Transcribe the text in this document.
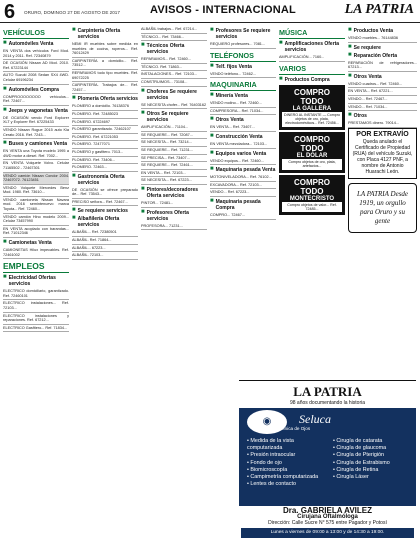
6 ORURO, DOMINGO 27 DE AGOSTO DE 2017	AVISOS - INTERNACIONAL	LA PATRIA
VEHÍCULOS
■ Automóviles Venta
EN VENTA dos vehículos Ford Mod. 2014 y 2011. Ref. 72340879
DE OCASIÓN Nissan AD Mod. 2010. Ref. 67223144
AUTO Suzuki 2008 Sedan SX4 4WD. Celular 69196234
■ Automóviles Compra
COMPROOOOOOOO vehículos... Ref. 72467...
■ Jeeps y vagonetas Venta
DE OCASIÓN vendo Ford Explorer XLT y Explorer Ref. 67225433
VENDO Nissan Rogue 2015 auto Kia Cerato 2016. Ref. 7243...
■ Buses y camiones Venta
EN VENTA una Toyota modelo 1995 a 4WD motor a diesel. Ref. 7002...
EN VENTA Volquete Volvo. Celular 71165502 - 72467301
VENDO camión Nissan Condor 2004. 72467072. 76123451
VENDO Volquete Mercedes Benz Mod. 1980. Ref. 73610...
VENDO camioneta Nissan Navara mod. 2016 semintenuevo marca Toyota... Ref. 72460...
VENDO camión Hino modelo 2009... Celular 73457990
EN VENTA acoplado con barandas... Ref. 71012346
■ Camionetas Venta
CAMIONETAS Hilux impecables. Ref. 72461002
EMPLEOS
■ Electricidad Ofertas servicios
ELECTRICO domiciliario, garantizado. Ref. 72460101
ELECTRICO instalaciones... Ref. 72103...
ELECTRICO instalaciones y reparaciones. Ref. 67212...
ELECTRICO Gasfitero... Ref. 71834...
■ Carpintería Oferta servicios
NEMI IR muebles sobre medida en muebles de cocina, roperos... Ref. 76012429
CARPINTERÍA a domicilio... Ref. 73512...
REPARAMOS todo tipo muebles. Ref. 69072225
CARPINTERÍA. Trabajos de... Ref. 72457...
■ Plomería Oferta servicios
PLOMERO a domicilio. 76138376
PLOMERO. Ref. 72485023
PLOMERO. 67224697
PLOMERO garantizado. 72462107
PLOMERO. Ref. 67221053
PLOMERO. 72477071
PLOMERO y gasfitero. 7013...
PLOMERO. Ref. 73406...
PLOMERO. 72463...
■ Gastronomía Oferta servicios
DE OCASIÓN se ofrece preparado de... Ref. 73543...
PRECISO señora... Ref. 72467...
■ Se requiere servicios
■ Albañilería Oferta servicios
ALBAÑIL... Ref. 72380501
ALBAÑIL. Ref. 71864...
ALBAÑIL... 67223...
ALBAÑIL. 72103...
ALBAÑIL trabajos... Ref. 67214...
TÉCNICO... Ref. 73466...
■ Técnicos Oferta servicios
REPARAMOS... Ref. 72460...
TÉCNICO. Ref. 71863...
INSTALACIONES... Ref. 72103...
CONSTRUIMOS... 73108...
■ Choferes Se requiere servicios
SE NECESITA chofer... Ref. 76403162
■ Otros Se requiere servicios
AMPLIFICACIÓN... 71104...
SE REQUIERE... Ref. 72087...
SE NECESITA... Ref. 73214...
SE REQUIERE... Ref. 71231...
SE PRECISA... Ref. 73407...
SE REQUIERE... Ref. 72461...
EN VENTA... Ref. 72103...
SE NECESITA... Ref. 67223...
■ Pintores/decoradores Oferta servicios
PINTOR... 72481...
■ Profesores Oferta servicios
PROFESORA... 71231...
■ Profesores Se requiere servicios
REQUIERO profesores... 7081...
TELÉFONOS
■ Telf. fijos Venta
VENDO teléfono... 72462...
MAQUINARIA
■ Minería Venta
VENDO molino... Ref. 72460...
COMPRESORA... Ref. 71034...
■ Otros Venta
EN VENTA... Ref. 73407...
■ Construcción Venta
EN VENTA mezcladora... 72103...
■ Equipos varios Venta
VENDO equipos... Ref. 72460...
■ Maquinaria pesada Venta
MOTONIVELADORA... Ref. 76102...
EXCAVADORA... Ref. 72103...
VENDO... Ref. 67223...
■ Maquinaria pesada Compra
COMPRO... 72467...
MÚSICA
■ Amplificaciones Oferta servicios
AMPLIFICACIÓN... 7160...
VARIOS
■ Productos Compra
COMPRO TODO
LA GALLERA
DINERO AL INSTANTE — Compro objetos de oro, plata, electrodomésticos... Ref. 72456...
COMPRO TODO
EL DÓLAR
Compro objetos de oro, plata, artefactos...
COMPRO TODO
MONTECRISTO
Compro objetos de valor... Ref. 72485...
■ Productos Venta
VENDO muebles... 76144836
■ Se requiere
■ Reparación Oferta
REPARACIÓN de refrigeradores... 67213...
■ Otros Venta
VENDO cuadros... Ref. 72460...
EN VENTA... Ref. 67221...
VENDO... Ref. 72467...
VENDO... Ref. 71034...
■ Otros
PRESTAMOS dinero. 79014...
POR EXTRAVÍO
Queda anulado el Certificado de Propiedad (RUA) del vehículo Suzuki, con Placa 4127 PNF, a nombre de Antonio Huarachi León.
LA PATRIA Desde 1919, un orgullo para Oruro y su gente
LA PATRIA
98 años documentando la historia
◉	Seluca
Clínica de Ojos
• Medida de la vista computarizada
• Presión intraocular
• Fondo de ojo
• Biomicroscopía
• Campimetría computarizada
• Lentes de contacto
• Cirugía de catarata
• Cirugía de glaucoma
• Cirugía de Pterigión
• Cirugía de Estrabismo
• Cirugía de Retina
• Cirugía Láser
Dra. GABRIELA AVILEZ
Cirujana Oftalmóloga
Dirección: Calle Sucre N° 575 entre Pagador y Potosí
Lunes a viernes de 09:00 a 13:00 y de 14:30 a 19:00.
